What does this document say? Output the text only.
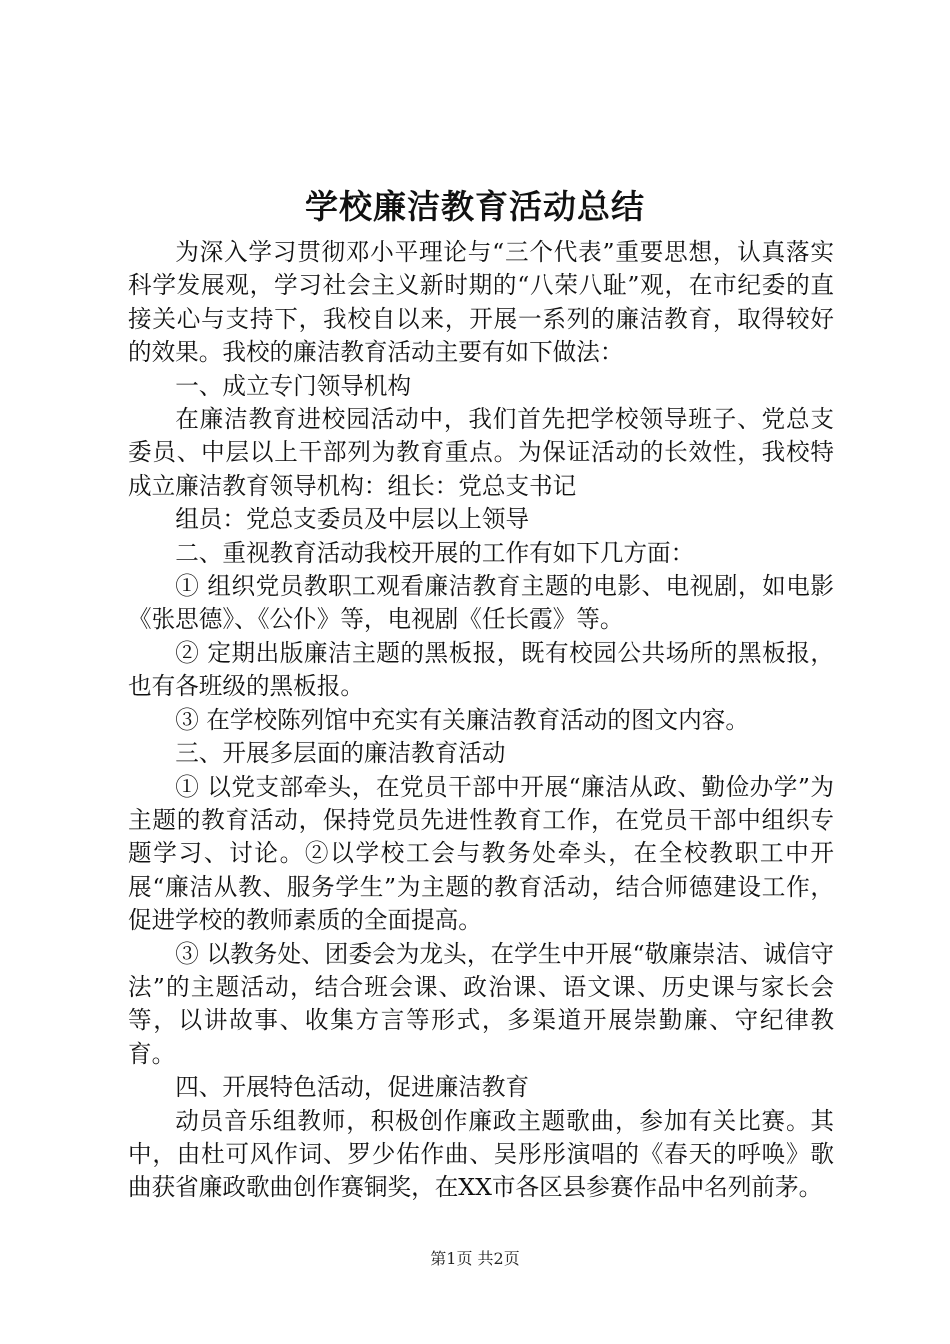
学校廉洁教育活动总结

为深入学习贯彻邓小平理论与“三个代表”重要思想，认真落实科学发展观，学习社会主义新时期的“八荣八耻”观，在市纪委的直接关心与支持下，我校自以来，开展一系列的廉洁教育，取得较好的效果。我校的廉洁教育活动主要有如下做法：

一、成立专门领导机构

在廉洁教育进校园活动中，我们首先把学校领导班子、党总支委员、中层以上干部列为教育重点。为保证活动的长效性，我校特成立廉洁教育领导机构：组长：党总支书记

组员：党总支委员及中层以上领导

二、重视教育活动我校开展的工作有如下几方面：

① 组织党员教职工观看廉洁教育主题的电影、电视剧，如电影《张思德》、《公仆》等，电视剧《任长霞》等。

② 定期出版廉洁主题的黑板报，既有校园公共场所的黑板报，也有各班级的黑板报。

③ 在学校陈列馆中充实有关廉洁教育活动的图文内容。

三、开展多层面的廉洁教育活动

① 以党支部牵头，在党员干部中开展“廉洁从政、勤俭办学”为主题的教育活动，保持党员先进性教育工作，在党员干部中组织专题学习、讨论。②以学校工会与教务处牵头，在全校教职工中开展“廉洁从教、服务学生”为主题的教育活动，结合师德建设工作，促进学校的教师素质的全面提高。

③ 以教务处、团委会为龙头，在学生中开展“敬廉崇洁、诚信守法”的主题活动，结合班会课、政治课、语文课、历史课与家长会等，以讲故事、收集方言等形式，多渠道开展崇勤廉、守纪律教育。

四、开展特色活动，促进廉洁教育

动员音乐组教师，积极创作廉政主题歌曲，参加有关比赛。其中，由杜可风作词、罗少佑作曲、吴彤彤演唱的《春天的呼唤》歌曲获省廉政歌曲创作赛铜奖，在XX市各区县参赛作品中名列前茅。

第1页 共2页
